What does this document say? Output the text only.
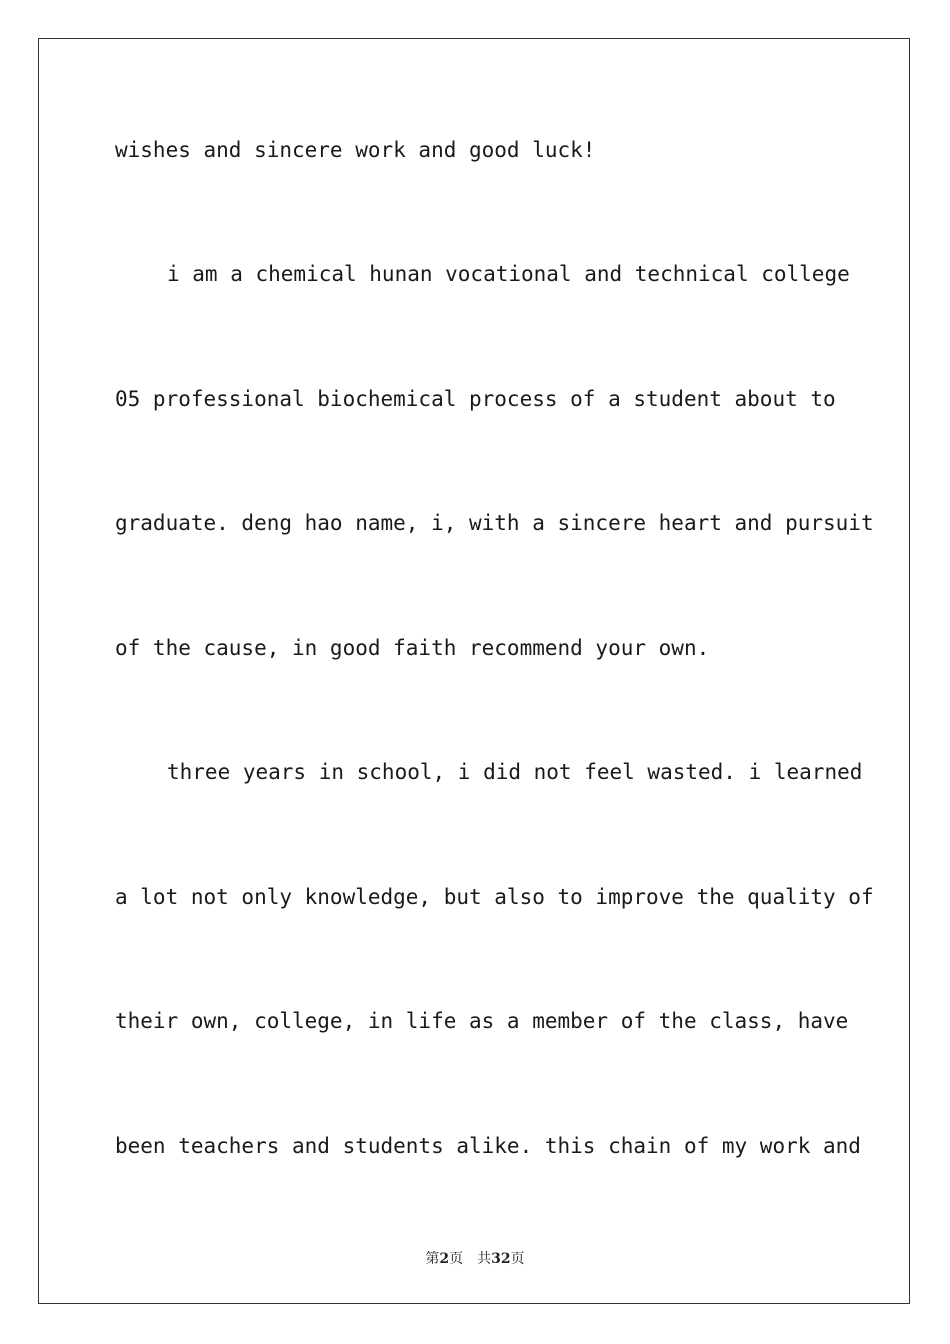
wishes and sincere work and good luck!
i am a chemical hunan vocational and technical college
05 professional biochemical process of a student about to
graduate. deng hao name, i, with a sincere heart and pursuit
of the cause, in good faith recommend your own.
three years in school, i did not feel wasted. i learned
a lot not only knowledge, but also to improve the quality of
their own, college, in life as a member of the class, have
been teachers and students alike. this chain of my work and
第2页 共32页
